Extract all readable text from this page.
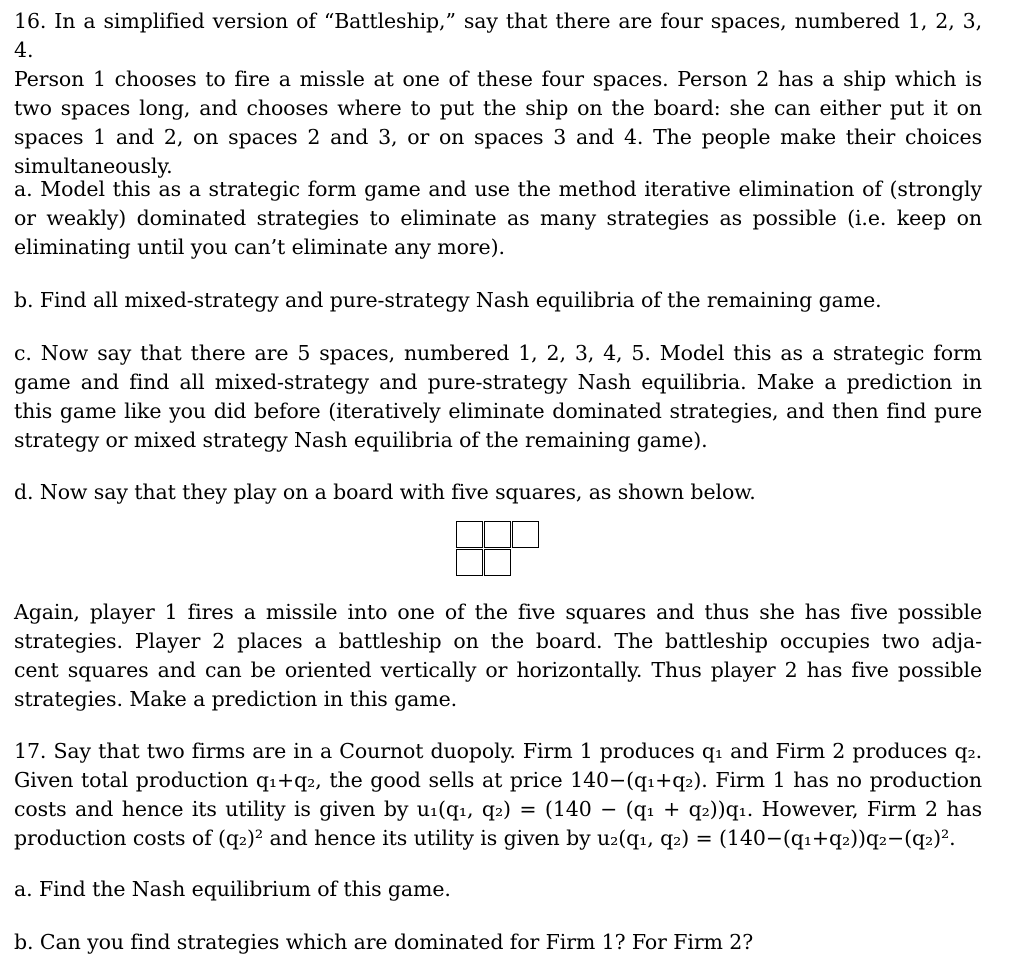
16. In a simplified version of “Battleship,” say that there are four spaces, numbered 1, 2, 3, 4.
Person 1 chooses to fire a missle at one of these four spaces. Person 2 has a ship which is
two spaces long, and chooses where to put the ship on the board: she can either put it on
spaces 1 and 2, on spaces 2 and 3, or on spaces 3 and 4. The people make their choices
simultaneously.
a. Model this as a strategic form game and use the method iterative elimination of (strongly
or weakly) dominated strategies to eliminate as many strategies as possible (i.e. keep on
eliminating until you can’t eliminate any more).
b. Find all mixed-strategy and pure-strategy Nash equilibria of the remaining game.
c. Now say that there are 5 spaces, numbered 1, 2, 3, 4, 5. Model this as a strategic form
game and find all mixed-strategy and pure-strategy Nash equilibria. Make a prediction in
this game like you did before (iteratively eliminate dominated strategies, and then find pure
strategy or mixed strategy Nash equilibria of the remaining game).
d. Now say that they play on a board with five squares, as shown below.
Again, player 1 fires a missile into one of the five squares and thus she has five possible
strategies. Player 2 places a battleship on the board. The battleship occupies two adja-
cent squares and can be oriented vertically or horizontally. Thus player 2 has five possible
strategies. Make a prediction in this game.
17. Say that two firms are in a Cournot duopoly. Firm 1 produces q₁ and Firm 2 produces q₂.
Given total production q₁+q₂, the good sells at price 140−(q₁+q₂). Firm 1 has no production
costs and hence its utility is given by u₁(q₁, q₂) = (140 − (q₁ + q₂))q₁. However, Firm 2 has
production costs of (q₂)² and hence its utility is given by u₂(q₁, q₂) = (140−(q₁+q₂))q₂−(q₂)².
a. Find the Nash equilibrium of this game.
b. Can you find strategies which are dominated for Firm 1? For Firm 2?
